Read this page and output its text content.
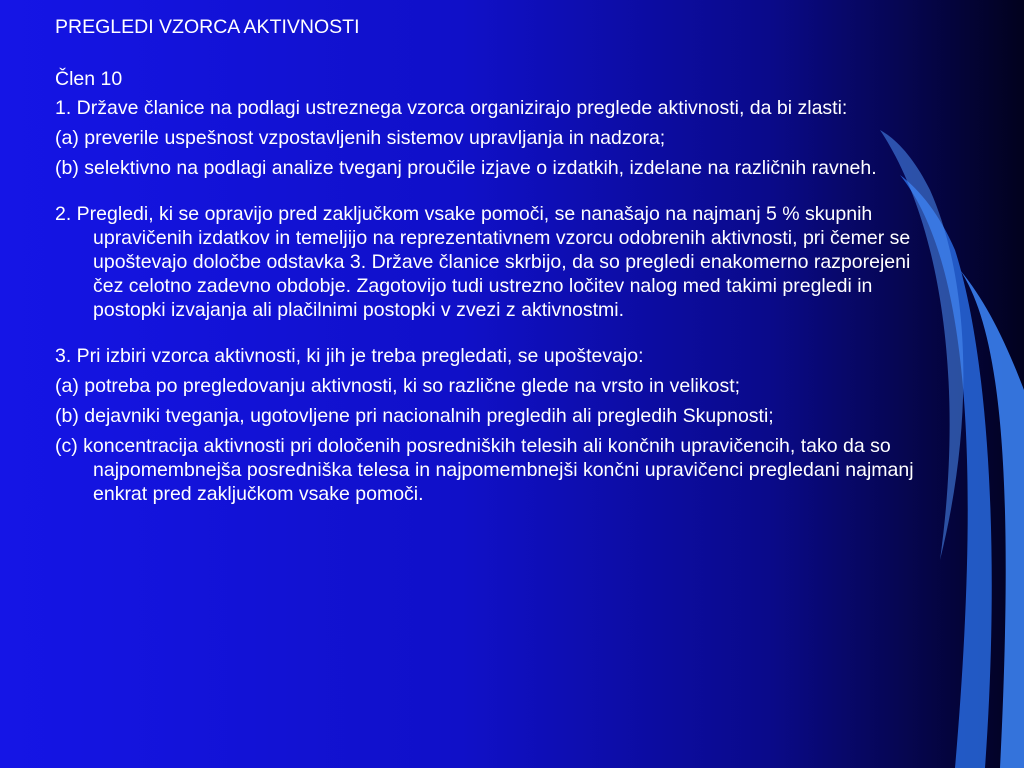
PREGLEDI VZORCA AKTIVNOSTI

Člen 10

1. Države članice na podlagi ustreznega vzorca organizirajo preglede aktivnosti, da bi zlasti:

(a) preverile uspešnost vzpostavljenih sistemov upravljanja in nadzora;

(b) selektivno na podlagi analize tveganj proučile izjave o izdatkih, izdelane na različnih ravneh.

2. Pregledi, ki se opravijo pred zaključkom vsake pomoči, se nanašajo na najmanj 5 % skupnih upravičenih izdatkov in temeljijo na reprezentativnem vzorcu odobrenih aktivnosti, pri čemer se upoštevajo določbe odstavka 3. Države članice skrbijo, da so pregledi enakomerno razporejeni čez celotno zadevno obdobje. Zagotovijo tudi ustrezno ločitev nalog med takimi pregledi in postopki izvajanja ali plačilnimi postopki v zvezi z aktivnostmi.

3. Pri izbiri vzorca aktivnosti, ki jih je treba pregledati, se upoštevajo:

(a) potreba po pregledovanju aktivnosti, ki so različne glede na vrsto in velikost;

(b) dejavniki tveganja, ugotovljene pri nacionalnih pregledih ali pregledih Skupnosti;

(c) koncentracija aktivnosti pri določenih posredniških telesih ali končnih upravičencih, tako da so najpomembnejša posredniška telesa in najpomembnejši končni upravičenci pregledani najmanj enkrat pred zaključkom vsake pomoči.
